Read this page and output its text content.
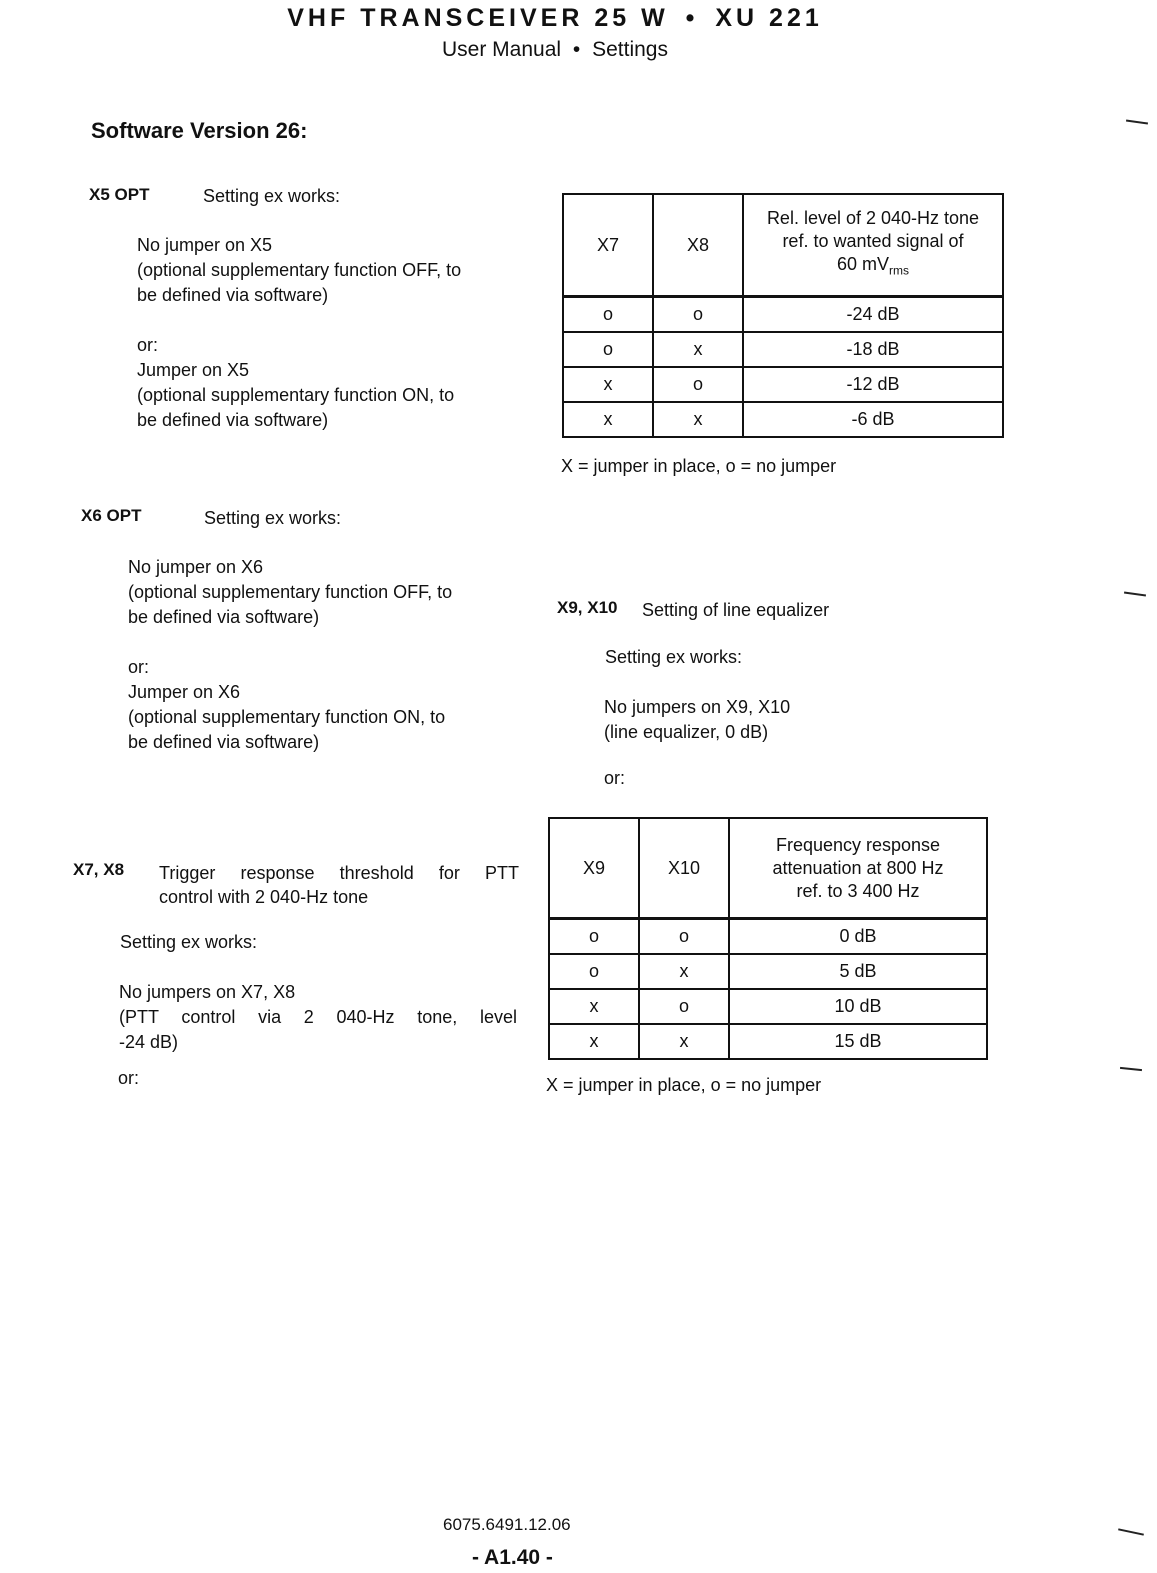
VHF TRANSCEIVER 25 W • XU 221
User Manual • Settings
Software Version 26:
X5 OPT	Setting ex works:
No jumper on X5
(optional supplementary function OFF, to
be defined via software)
or:
Jumper on X5
(optional supplementary function ON, to
be defined via software)
X6 OPT	Setting ex works:
No jumper on X6
(optional supplementary function OFF, to
be defined via software)
or:
Jumper on X6
(optional supplementary function ON, to
be defined via software)
X7, X8 Trigger response threshold for PTT
control with 2 040-Hz tone
Setting ex works:
No jumpers on X7, X8
(PTT control via 2 040-Hz tone, level
-24 dB)
or:
X7	X8	Rel. level of 2 040-Hz tone
ref. to wanted signal of
60 $mV_{rms}$

o	o	-24 dB
o	x	-18 dB
x	o	-12 dB
x	x	-6 dB
X = jumper in place, o = no jumper
X9, X10 Setting of line equalizer
Setting ex works:
No jumpers on X9, X10
(line equalizer, 0 dB)
or:
X9	X10	Frequency response
attenuation at 800 Hz
ref. to 3 400 Hz

o	o	0 dB
o	x	5 dB
x	o	10 dB
x	x	15 dB
X = jumper in place, o = no jumper
6075.6491.12.06
- A1.40 -
